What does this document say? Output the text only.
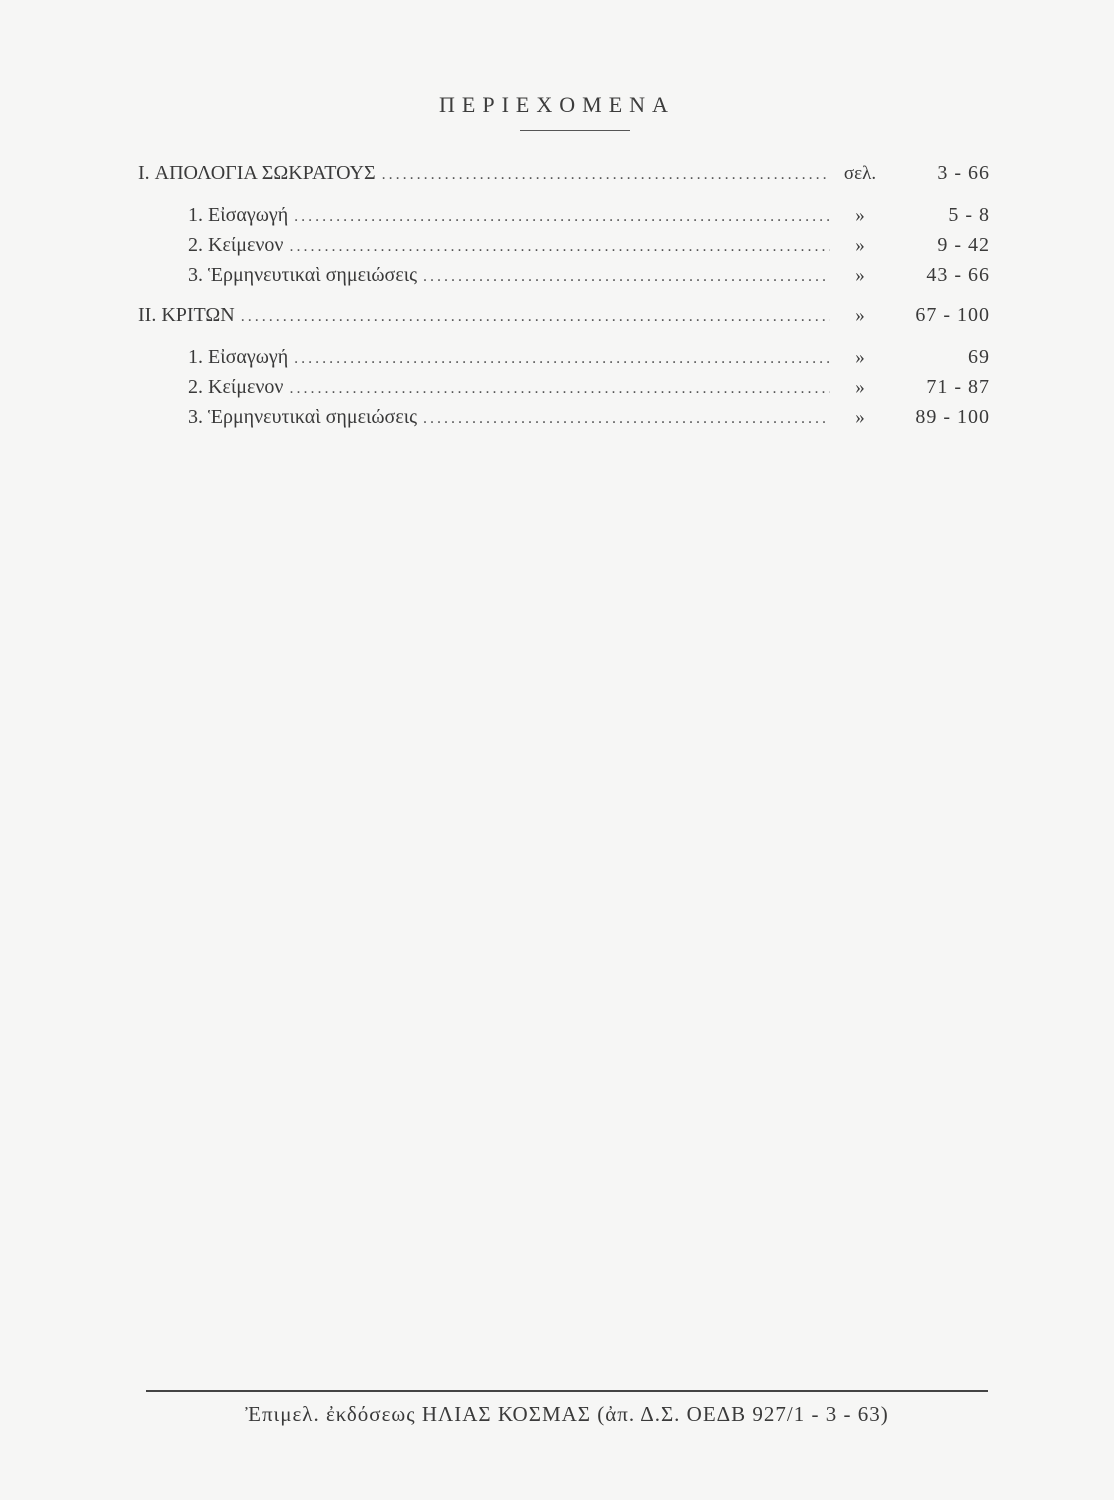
ΠΕΡΙΕΧΟΜΕΝΑ
I. ΑΠΟΛΟΓΙΑ ΣΩΚΡΑΤΟΥΣ .....	σελ.	3 - 66
1. Εἰσαγωγή .....	»	5 - 8
2. Κείμενον .....	»	9 - 42
3. Ἑρμηνευτικαὶ σημειώσεις .....	»	43 - 66
II. ΚΡΙΤΩΝ .....	»	67 - 100
1. Εἰσαγωγή .....	»	69
2. Κείμενον .....	»	71 - 87
3. Ἑρμηνευτικαὶ σημειώσεις .....	»	89 - 100
Ἐπιμελ. ἐκδόσεως ΗΛΙΑΣ ΚΟΣΜΑΣ (ἀπ. Δ.Σ. ΟΕΔΒ 927/1 - 3 - 63)
